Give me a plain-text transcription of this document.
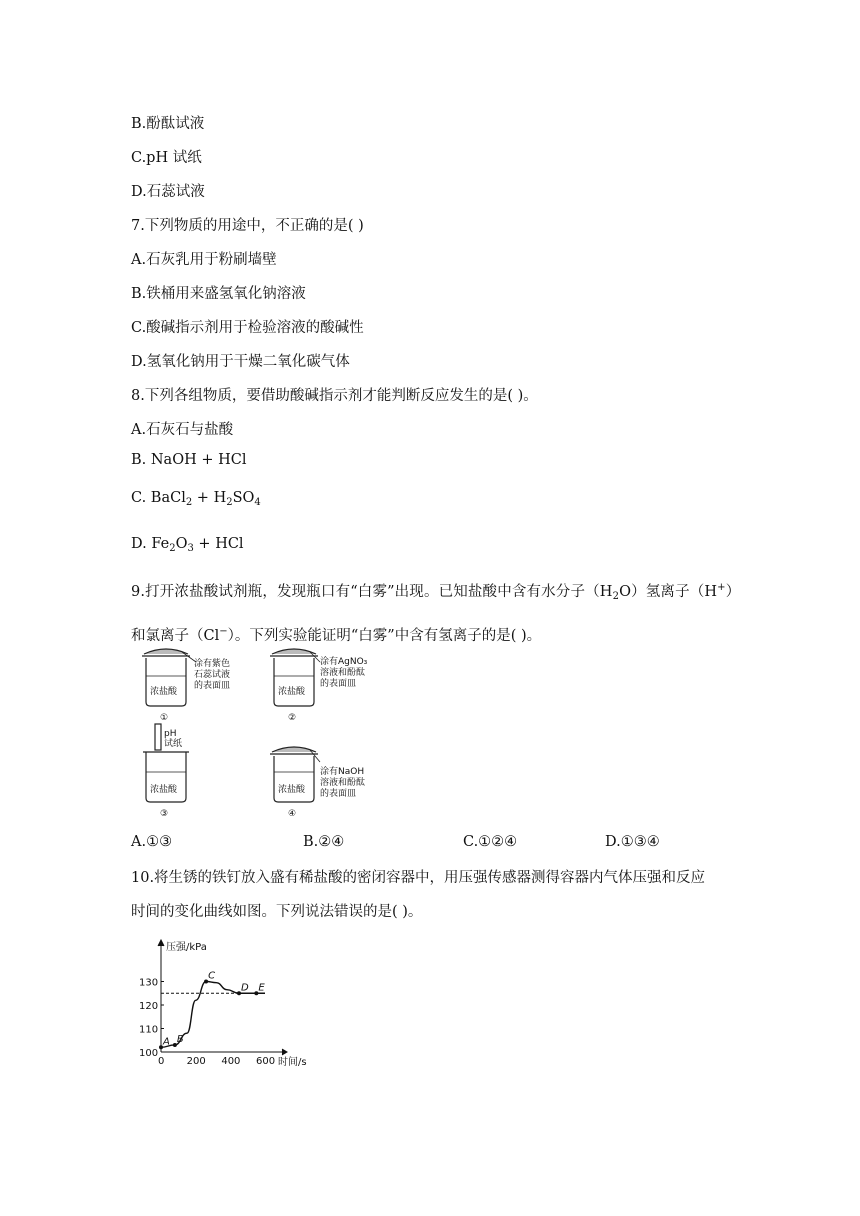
B.酚酞试液
C.pH 试纸
D.石蕊试液
7.下列物质的用途中，不正确的是( )
A.石灰乳用于粉刷墙壁
B.铁桶用来盛氢氧化钠溶液
C.酸碱指示剂用于检验溶液的酸碱性
D.氢氧化钠用于干燥二氧化碳气体
8.下列各组物质，要借助酸碱指示剂才能判断反应发生的是( )。
A.石灰石与盐酸
B. NaOH + HCl
C. BaCl$_2$ + $H_2SO_4$
D. $Fe_2O_3$ + HCl
9.打开浓盐酸试剂瓶，发现瓶口有“白雾”出现。已知盐酸中含有水分子$(H_2O)$氢离子（H+）
和氯离子（Cl−）。下列实验能证明“白雾”中含有氢离子的是( )。
浓盐酸
涂有紫色
石蕊试液
的表面皿
①
浓盐酸
涂有AgNO₃
溶液和酚酞
的表面皿
②
pH
试纸
浓盐酸
③
浓盐酸
涂有NaOH
溶液和酚酞
的表面皿
④
A.①③	B.②④	C.①②④	D.①③④
10.将生锈的铁钉放入盛有稀盐酸的密闭容器中，用压强传感器测得容器内气体压强和反应
时间的变化曲线如图。下列说法错误的是( )。
压强/kPa
时间/s
0 200 400 600
100
110
120
130
A B
C
D E
